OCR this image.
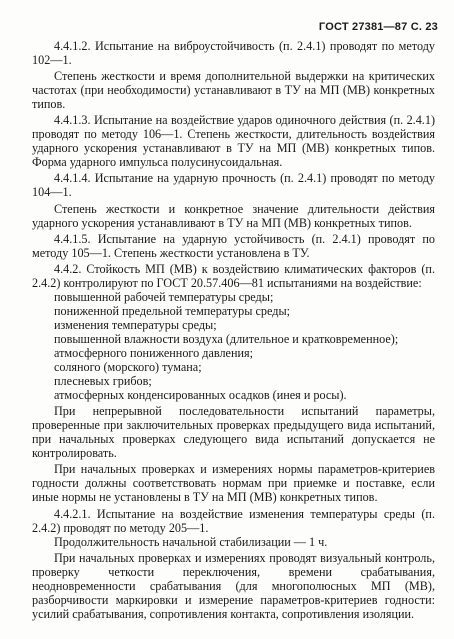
ГОСТ 27381—87 С. 23

4.4.1.2. Испытание на виброустойчивость (п. 2.4.1) проводят по методу 102—1.

Степень жесткости и время дополнительной выдержки на критических частотах (при необходимости) устанавливают в ТУ на МП (МВ) конкретных типов.

4.4.1.3. Испытание на воздействие ударов одиночного действия (п. 2.4.1) проводят по методу 106—1. Степень жесткости, длительность воздействия ударного ускорения устанавливают в ТУ на МП (МВ) конкретных типов. Форма ударного импульса полусинусоидальная.

4.4.1.4. Испытание на ударную прочность (п. 2.4.1) проводят по методу 104—1.

Степень жесткости и конкретное значение длительности действия ударного ускорения устанавливают в ТУ на МП (МВ) конкретных типов.

4.4.1.5. Испытание на ударную устойчивость (п. 2.4.1) проводят по методу 105—1. Степень жесткости установлена в ТУ.

4.4.2. Стойкость МП (МВ) к воздействию климатических факторов (п. 2.4.2) контролируют по ГОСТ 20.57.406—81 испытаниями на воздействие:

повышенной рабочей температуры среды;

пониженной предельной температуры среды;

изменения температуры среды;

повышенной влажности воздуха (длительное и кратковременное);

атмосферного пониженного давления;

соляного (морского) тумана;

плесневых грибов;

атмосферных конденсированных осадков (инея и росы).

При непрерывной последовательности испытаний параметры, проверенные при заключительных проверках предыдущего вида испытаний, при начальных проверках следующего вида испытаний допускается не контролировать.

При начальных проверках и измерениях нормы параметров-критериев годности должны соответствовать нормам при приемке и поставке, если иные нормы не установлены в ТУ на МП (МВ) конкретных типов.

4.4.2.1. Испытание на воздействие изменения температуры среды (п. 2.4.2) проводят по методу 205—1.

Продолжительность начальной стабилизации — 1 ч.

При начальных проверках и измерениях проводят визуальный контроль, проверку четкости переключения, времени срабатывания, неодновременности срабатывания (для многополюсных МП (МВ), разборчивости маркировки и измерение параметров-критериев годности: усилий срабатывания, сопротивления контакта, сопротивления изоляции.
